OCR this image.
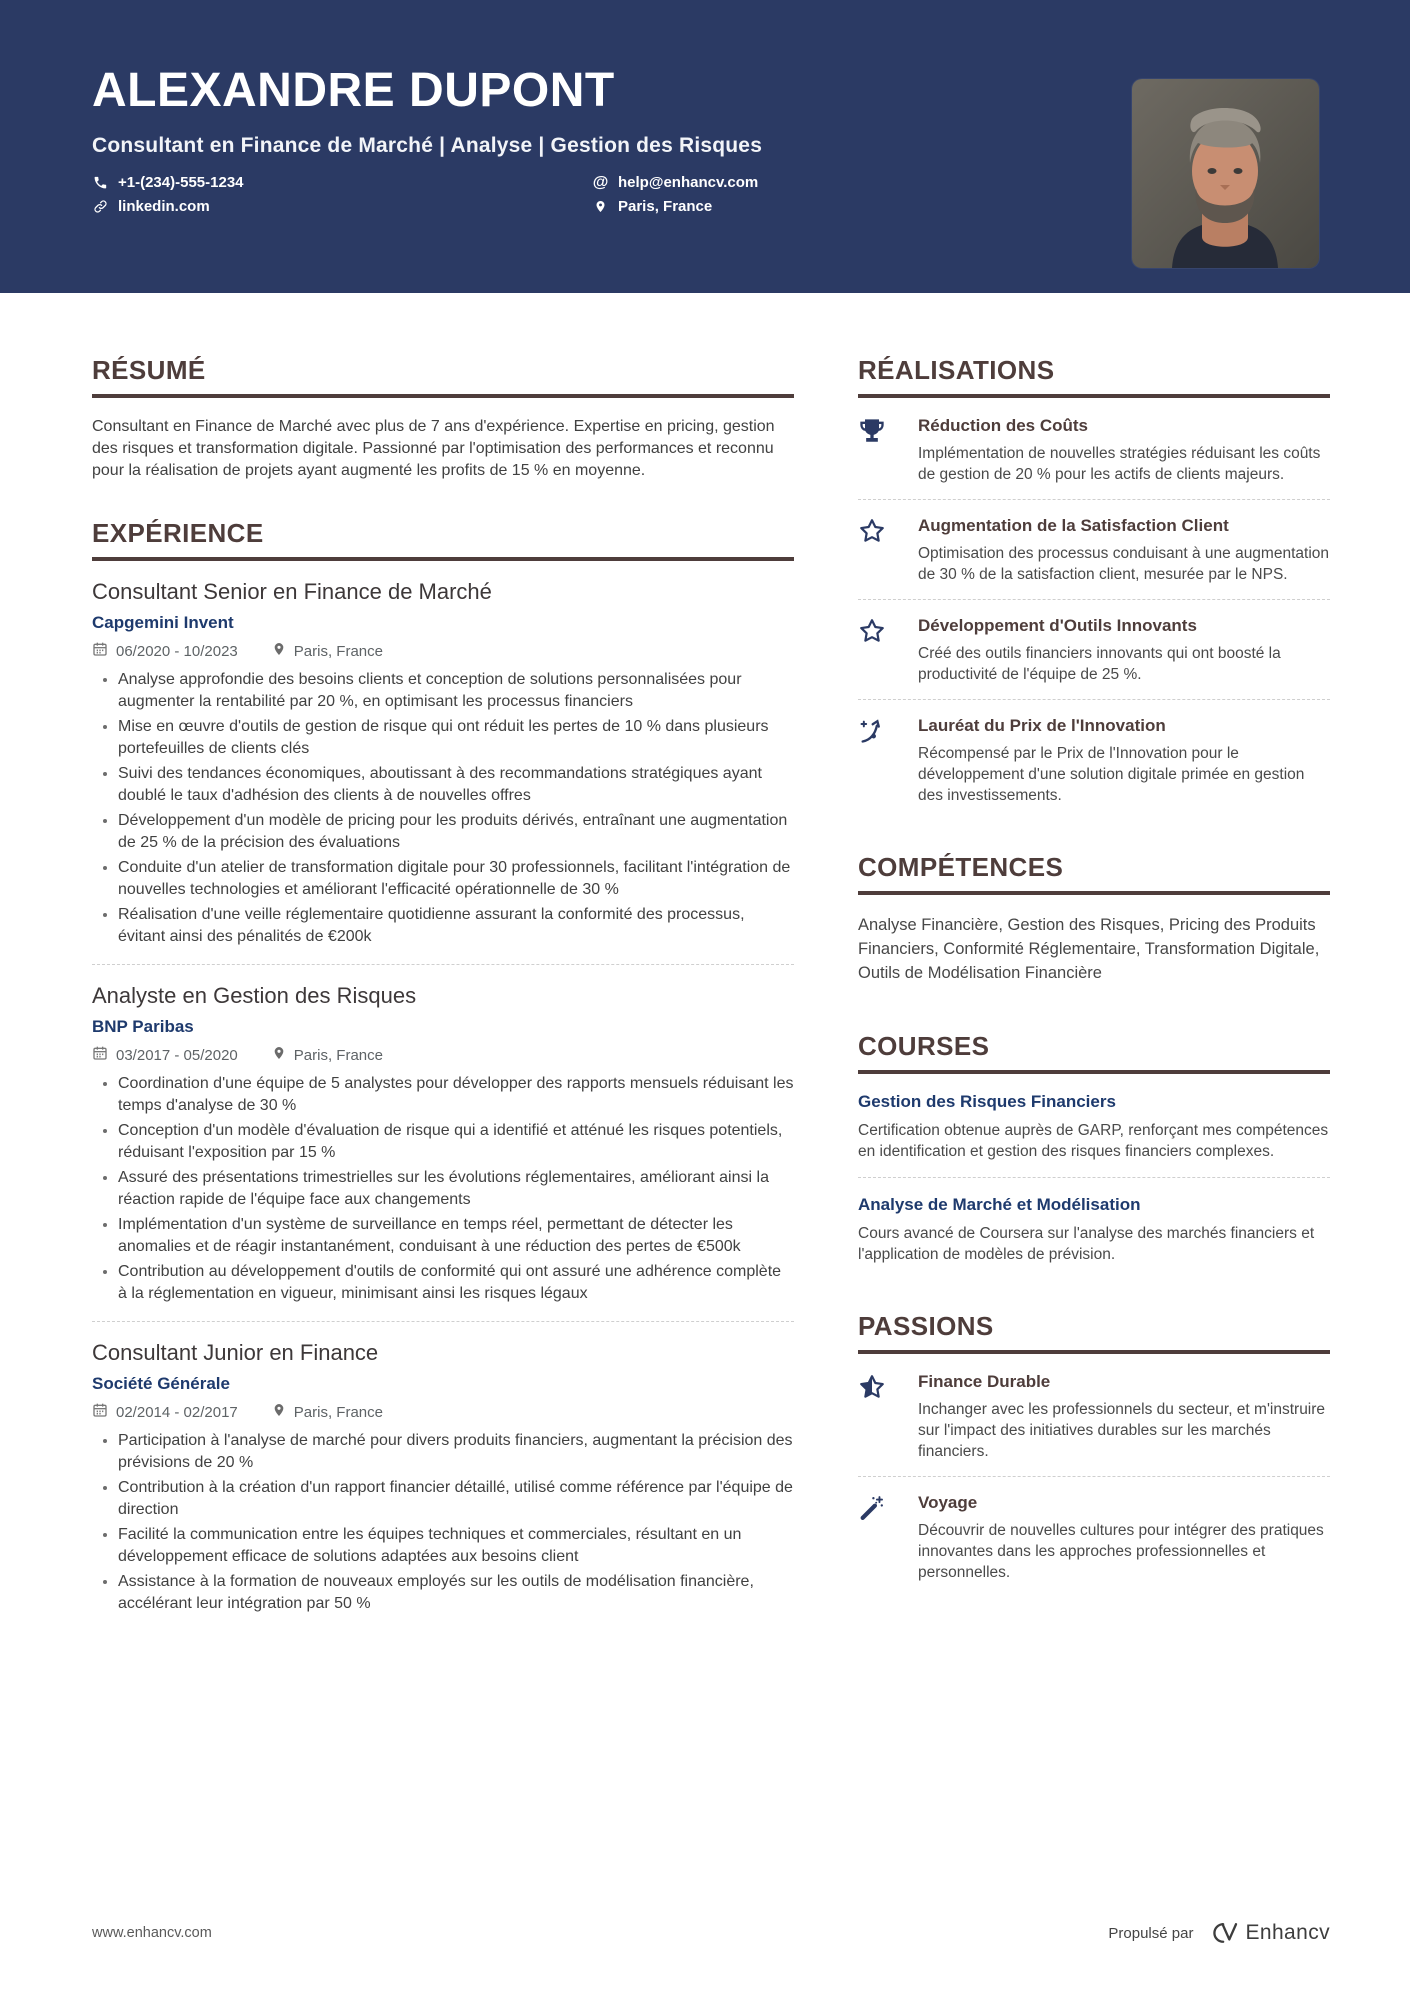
ALEXANDRE DUPONT
Consultant en Finance de Marché | Analyse | Gestion des Risques
+1-(234)-555-1234	@ help@enhancv.com
linkedin.com	Paris, France
RÉSUMÉ

Consultant en Finance de Marché avec plus de 7 ans d'expérience. Expertise en pricing, gestion des risques et transformation digitale. Passionné par l'optimisation des performances et reconnu pour la réalisation de projets ayant augmenté les profits de 15 % en moyenne.

EXPÉRIENCE
Consultant Senior en Finance de Marché
Capgemini Invent
06/2020 - 10/2023	Paris, France
• Analyse approfondie des besoins clients et conception de solutions personnalisées pour augmenter la rentabilité par 20 %, en optimisant les processus financiers
• Mise en œuvre d'outils de gestion de risque qui ont réduit les pertes de 10 % dans plusieurs portefeuilles de clients clés
• Suivi des tendances économiques, aboutissant à des recommandations stratégiques ayant doublé le taux d'adhésion des clients à de nouvelles offres
• Développement d'un modèle de pricing pour les produits dérivés, entraînant une augmentation de 25 % de la précision des évaluations
• Conduite d'un atelier de transformation digitale pour 30 professionnels, facilitant l'intégration de nouvelles technologies et améliorant l'efficacité opérationnelle de 30 %
• Réalisation d'une veille réglementaire quotidienne assurant la conformité des processus, évitant ainsi des pénalités de €200k
Analyste en Gestion des Risques
BNP Paribas
03/2017 - 05/2020	Paris, France
• Coordination d'une équipe de 5 analystes pour développer des rapports mensuels réduisant les temps d'analyse de 30 %
• Conception d'un modèle d'évaluation de risque qui a identifié et atténué les risques potentiels, réduisant l'exposition par 15 %
• Assuré des présentations trimestrielles sur les évolutions réglementaires, améliorant ainsi la réaction rapide de l'équipe face aux changements
• Implémentation d'un système de surveillance en temps réel, permettant de détecter les anomalies et de réagir instantanément, conduisant à une réduction des pertes de €500k
• Contribution au développement d'outils de conformité qui ont assuré une adhérence complète à la réglementation en vigueur, minimisant ainsi les risques légaux
Consultant Junior en Finance
Société Générale
02/2014 - 02/2017	Paris, France
• Participation à l'analyse de marché pour divers produits financiers, augmentant la précision des prévisions de 20 %
• Contribution à la création d'un rapport financier détaillé, utilisé comme référence par l'équipe de direction
• Facilité la communication entre les équipes techniques et commerciales, résultant en un développement efficace de solutions adaptées aux besoins client
• Assistance à la formation de nouveaux employés sur les outils de modélisation financière, accélérant leur intégration par 50 %
RÉALISATIONS
Réduction des Coûts

Implémentation de nouvelles stratégies réduisant les coûts de gestion de 20 % pour les actifs de clients majeurs.

Augmentation de la Satisfaction Client

Optimisation des processus conduisant à une augmentation de 30 % de la satisfaction client, mesurée par le NPS.

Développement d'Outils Innovants

Créé des outils financiers innovants qui ont boosté la productivité de l'équipe de 25 %.

Lauréat du Prix de l'Innovation

Récompensé par le Prix de l'Innovation pour le développement d'une solution digitale primée en gestion des investissements.

COMPÉTENCES

Analyse Financière, Gestion des Risques, Pricing des Produits Financiers, Conformité Réglementaire, Transformation Digitale, Outils de Modélisation Financière

COURSES
Gestion des Risques Financiers

Certification obtenue auprès de GARP, renforçant mes compétences en identification et gestion des risques financiers complexes.

Analyse de Marché et Modélisation

Cours avancé de Coursera sur l'analyse des marchés financiers et l'application de modèles de prévision.

PASSIONS
Finance Durable

Inchanger avec les professionnels du secteur, et m'instruire sur l'impact des initiatives durables sur les marchés financiers.

Voyage

Découvrir de nouvelles cultures pour intégrer des pratiques innovantes dans les approches professionnelles et personnelles.

www.enhancv.com	Propulsé par Enhancv
